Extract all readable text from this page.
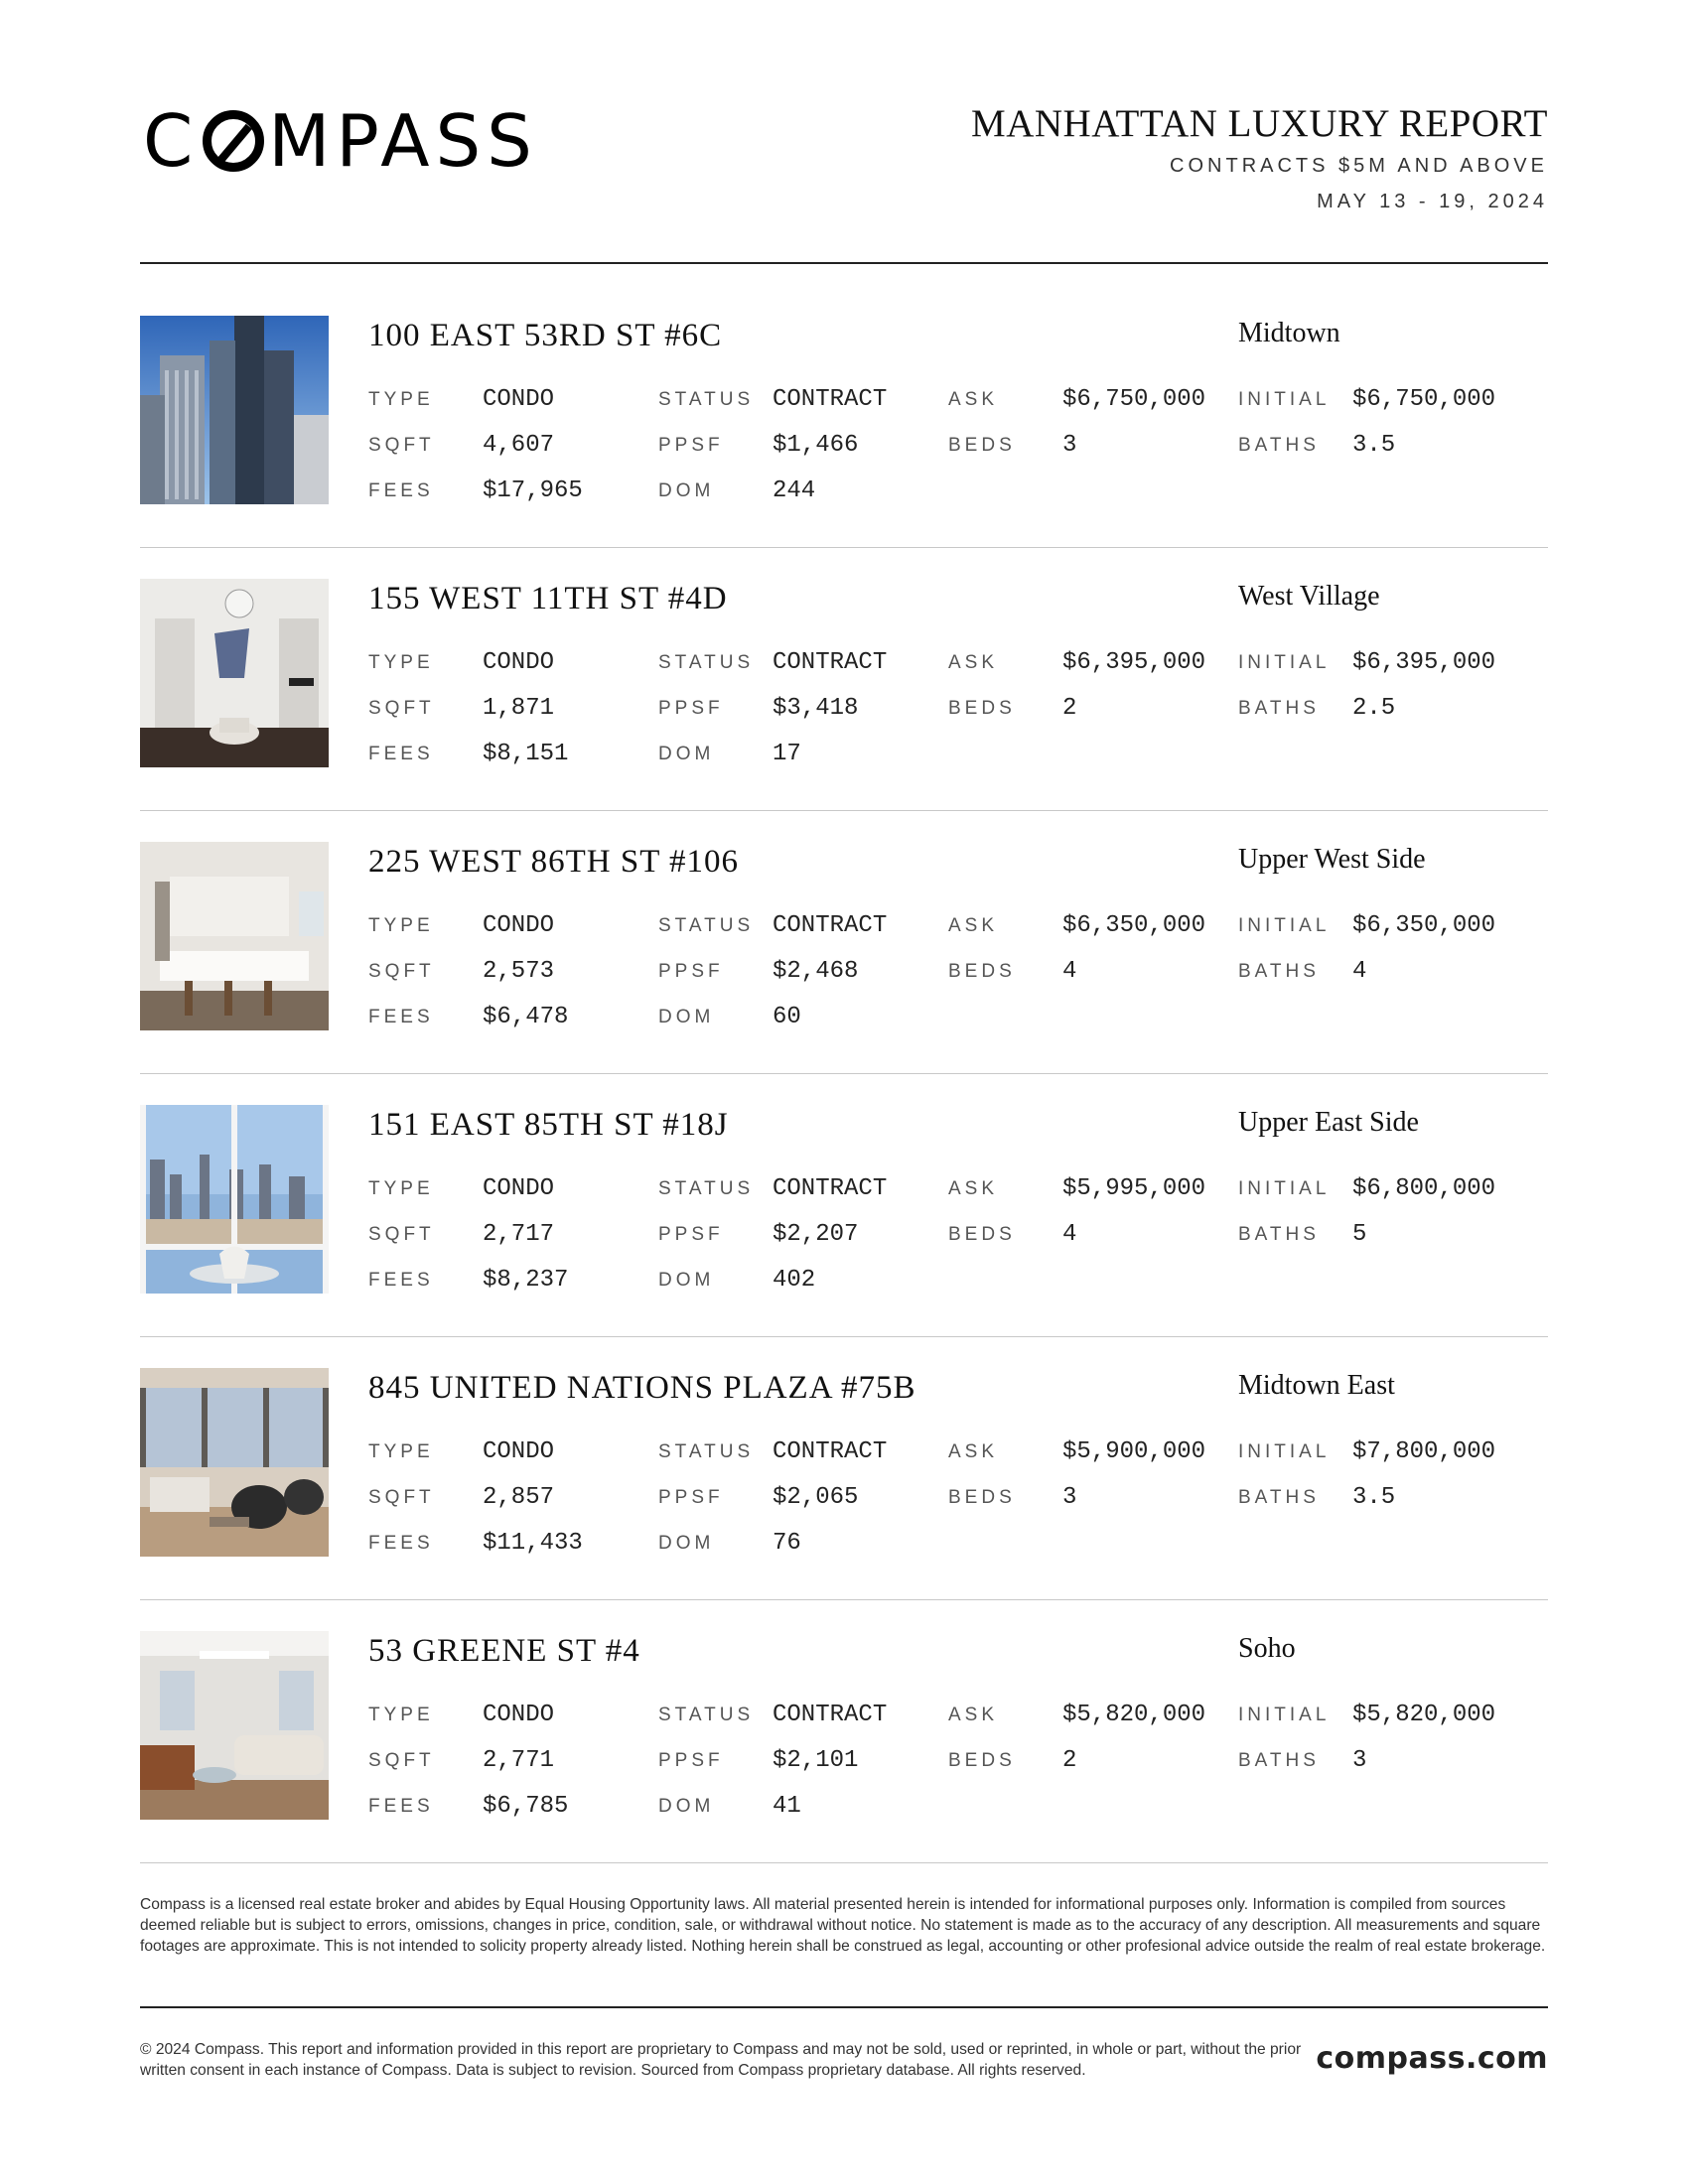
C MPASS	MANHATTAN LUXURY REPORT
CONTRACTS $5M AND ABOVE
MAY 13 - 19, 2024
100 EAST 53RD ST #6C	Midtown
TYPE CONDO	STATUS CONTRACT	ASK	$6,750,000 INITIAL $6,750,000
SQFT 4,607	PPSF $1,466	BEDS 3	BATHS 3.5
FEES $17,965	DOM 244
155 WEST 11TH ST #4D	West Village
TYPE CONDO	STATUS CONTRACT	ASK	$6,395,000 INITIAL $6,395,000
SQFT 1,871	PPSF $3,418	BEDS 2	BATHS 2.5
FEES $8,151	DOM 17
225 WEST 86TH ST #106	Upper West Side
TYPE CONDO	STATUS CONTRACT	ASK	$6,350,000 INITIAL $6,350,000
SQFT 2,573	PPSF $2,468	BEDS 4	BATHS 4
FEES $6,478	DOM 60
151 EAST 85TH ST #18J	Upper East Side
TYPE CONDO	STATUS CONTRACT	ASK	$5,995,000 INITIAL $6,800,000
SQFT 2,717	PPSF $2,207	BEDS 4	BATHS 5
FEES $8,237	DOM 402
845 UNITED NATIONS PLAZA #75B	Midtown East
TYPE CONDO	STATUS CONTRACT	ASK	$5,900,000 INITIAL $7,800,000
SQFT 2,857	PPSF $2,065	BEDS 3	BATHS 3.5
FEES $11,433	DOM 76
53 GREENE ST #4	Soho
TYPE CONDO	STATUS CONTRACT	ASK	$5,820,000 INITIAL $5,820,000
SQFT 2,771	PPSF $2,101	BEDS 2	BATHS 3
FEES $6,785	DOM 41
Compass is a licensed real estate broker and abides by Equal Housing Opportunity laws. All material presented herein is intended for informational purposes only. Information is compiled from sources deemed reliable but is subject to errors, omissions, changes in price, condition, sale, or withdrawal without notice. No statement is made as to the accuracy of any description. All measurements and square footages are approximate. This is not intended to solicity property already listed. Nothing herein shall be construed as legal, accounting or other profesional advice outside the realm of real estate brokerage.
© 2024 Compass. This report and information provided in this report are proprietary to Compass and may not be sold, used or reprinted, in whole or part, without the prior written consent in each instance of Compass. Data is subject to revision. Sourced from Compass proprietary database. All rights reserved.	compass.com
